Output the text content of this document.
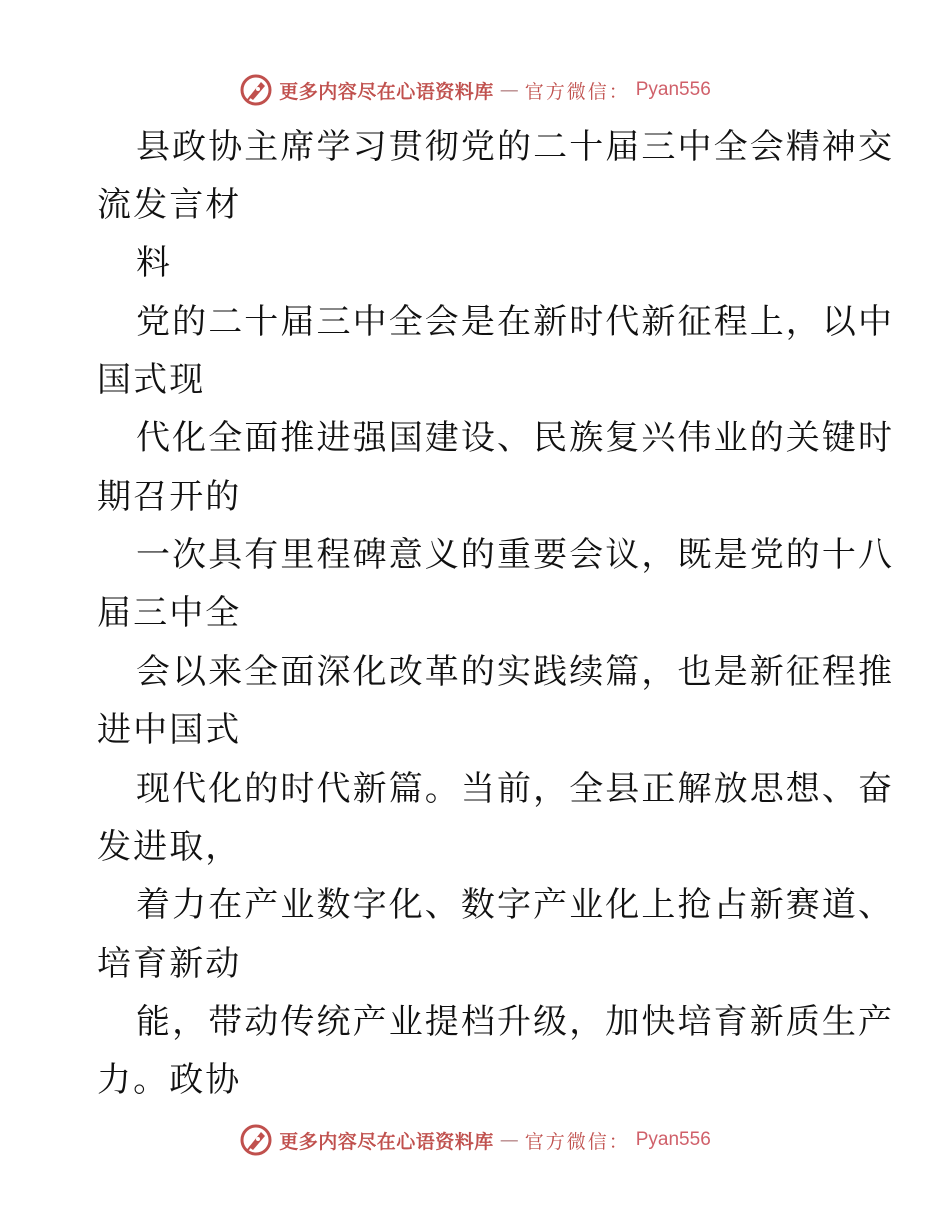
更多内容尽在心语资料库 — 官方微信： Pyan556
县政协主席学习贯彻党的二十届三中全会精神交
流发言材
料
党的二十届三中全会是在新时代新征程上，以中
国式现
代化全面推进强国建设、民族复兴伟业的关键时
期召开的
一次具有里程碑意义的重要会议，既是党的十八
届三中全
会以来全面深化改革的实践续篇，也是新征程推
进中国式
现代化的时代新篇。当前，全县正解放思想、奋
发进取，
着力在产业数字化、数字产业化上抢占新赛道、
培育新动
能，带动传统产业提档升级，加快培育新质生产
力。政协
更多内容尽在心语资料库 — 官方微信： Pyan556
